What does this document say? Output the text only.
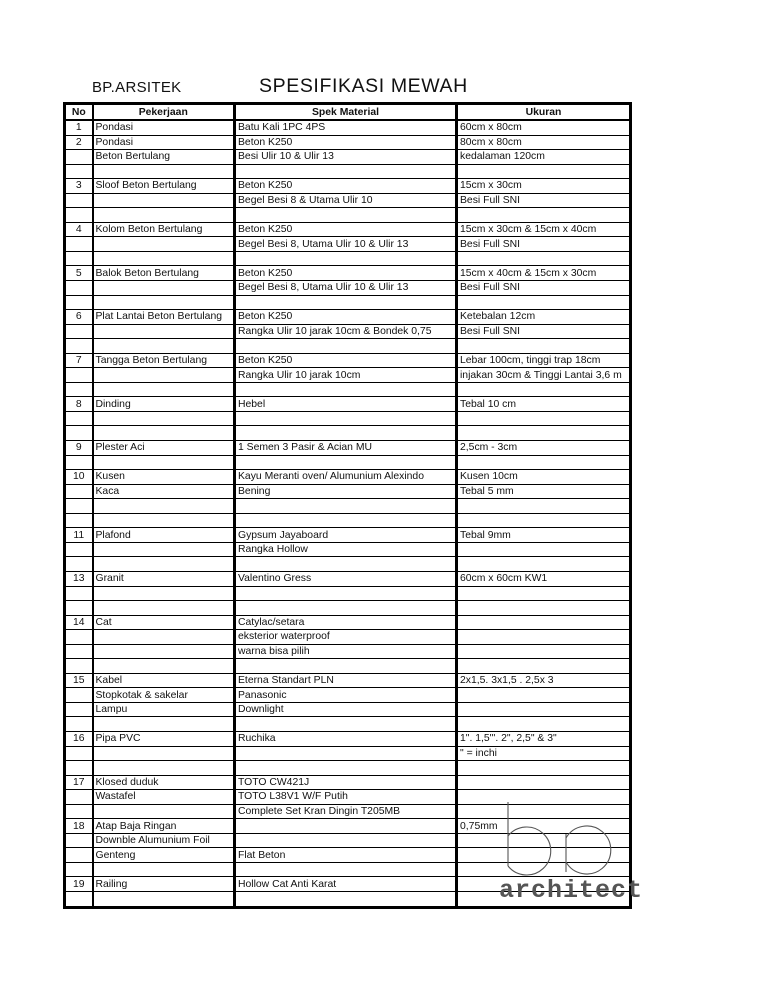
BP.ARSITEK	SPESIFIKASI MEWAH
No	Pekerjaan	Spek Material	Ukuran
1	Pondasi	Batu Kali 1PC 4PS	60cm x 80cm
2	Pondasi	Beton K250	80cm x 80cm
	Beton Bertulang	Besi Ulir 10 & Ulir 13	kedalaman 120cm

3	Sloof Beton Bertulang	Beton K250	15cm x 30cm
		Begel Besi 8 & Utama Ulir 10	Besi Full SNI

4	Kolom Beton Bertulang	Beton K250	15cm x 30cm & 15cm x 40cm
		Begel Besi 8, Utama Ulir 10 & Ulir 13	Besi Full SNI

5	Balok Beton Bertulang	Beton K250	15cm x 40cm & 15cm x 30cm
		Begel Besi 8, Utama Ulir 10 & Ulir 13	Besi Full SNI

6	Plat Lantai Beton Bertulang	Beton K250	Ketebalan 12cm
		Rangka Ulir 10 jarak 10cm & Bondek 0,75	Besi Full SNI

7	Tangga Beton Bertulang	Beton K250	Lebar 100cm, tinggi trap 18cm
		Rangka Ulir 10 jarak 10cm	injakan 30cm & Tinggi Lantai 3,6 m

8	Dinding	Hebel	Tebal 10 cm

9	Plester Aci	1 Semen 3 Pasir & Acian MU	2,5cm - 3cm

10	Kusen	Kayu Meranti oven/ Alumunium Alexindo	Kusen 10cm
	Kaca	Bening	Tebal 5 mm

11	Plafond	Gypsum Jayaboard	Tebal 9mm
		Rangka Hollow	

13	Granit	Valentino Gress	60cm x 60cm KW1

14	Cat	Catylac/setara	
		eksterior waterproof	
		warna bisa pilih	

15	Kabel	Eterna Standart PLN	2x1,5. 3x1,5 . 2,5x 3
	Stopkotak & sakelar	Panasonic	
	Lampu	Downlight	

16	Pipa PVC	Ruchika	1". 1,5"'. 2", 2,5" & 3"
			" = inchi

17	Klosed duduk	TOTO CW421J	
	Wastafel	TOTO L38V1 W/F Putih	
		Complete Set Kran Dingin T205MB	
18	Atap Baja Ringan		0,75mm
	Downble Alumunium Foil		
	Genteng	Flat Beton	

19	Railing	Hollow Cat Anti Karat	
				architect
bp
